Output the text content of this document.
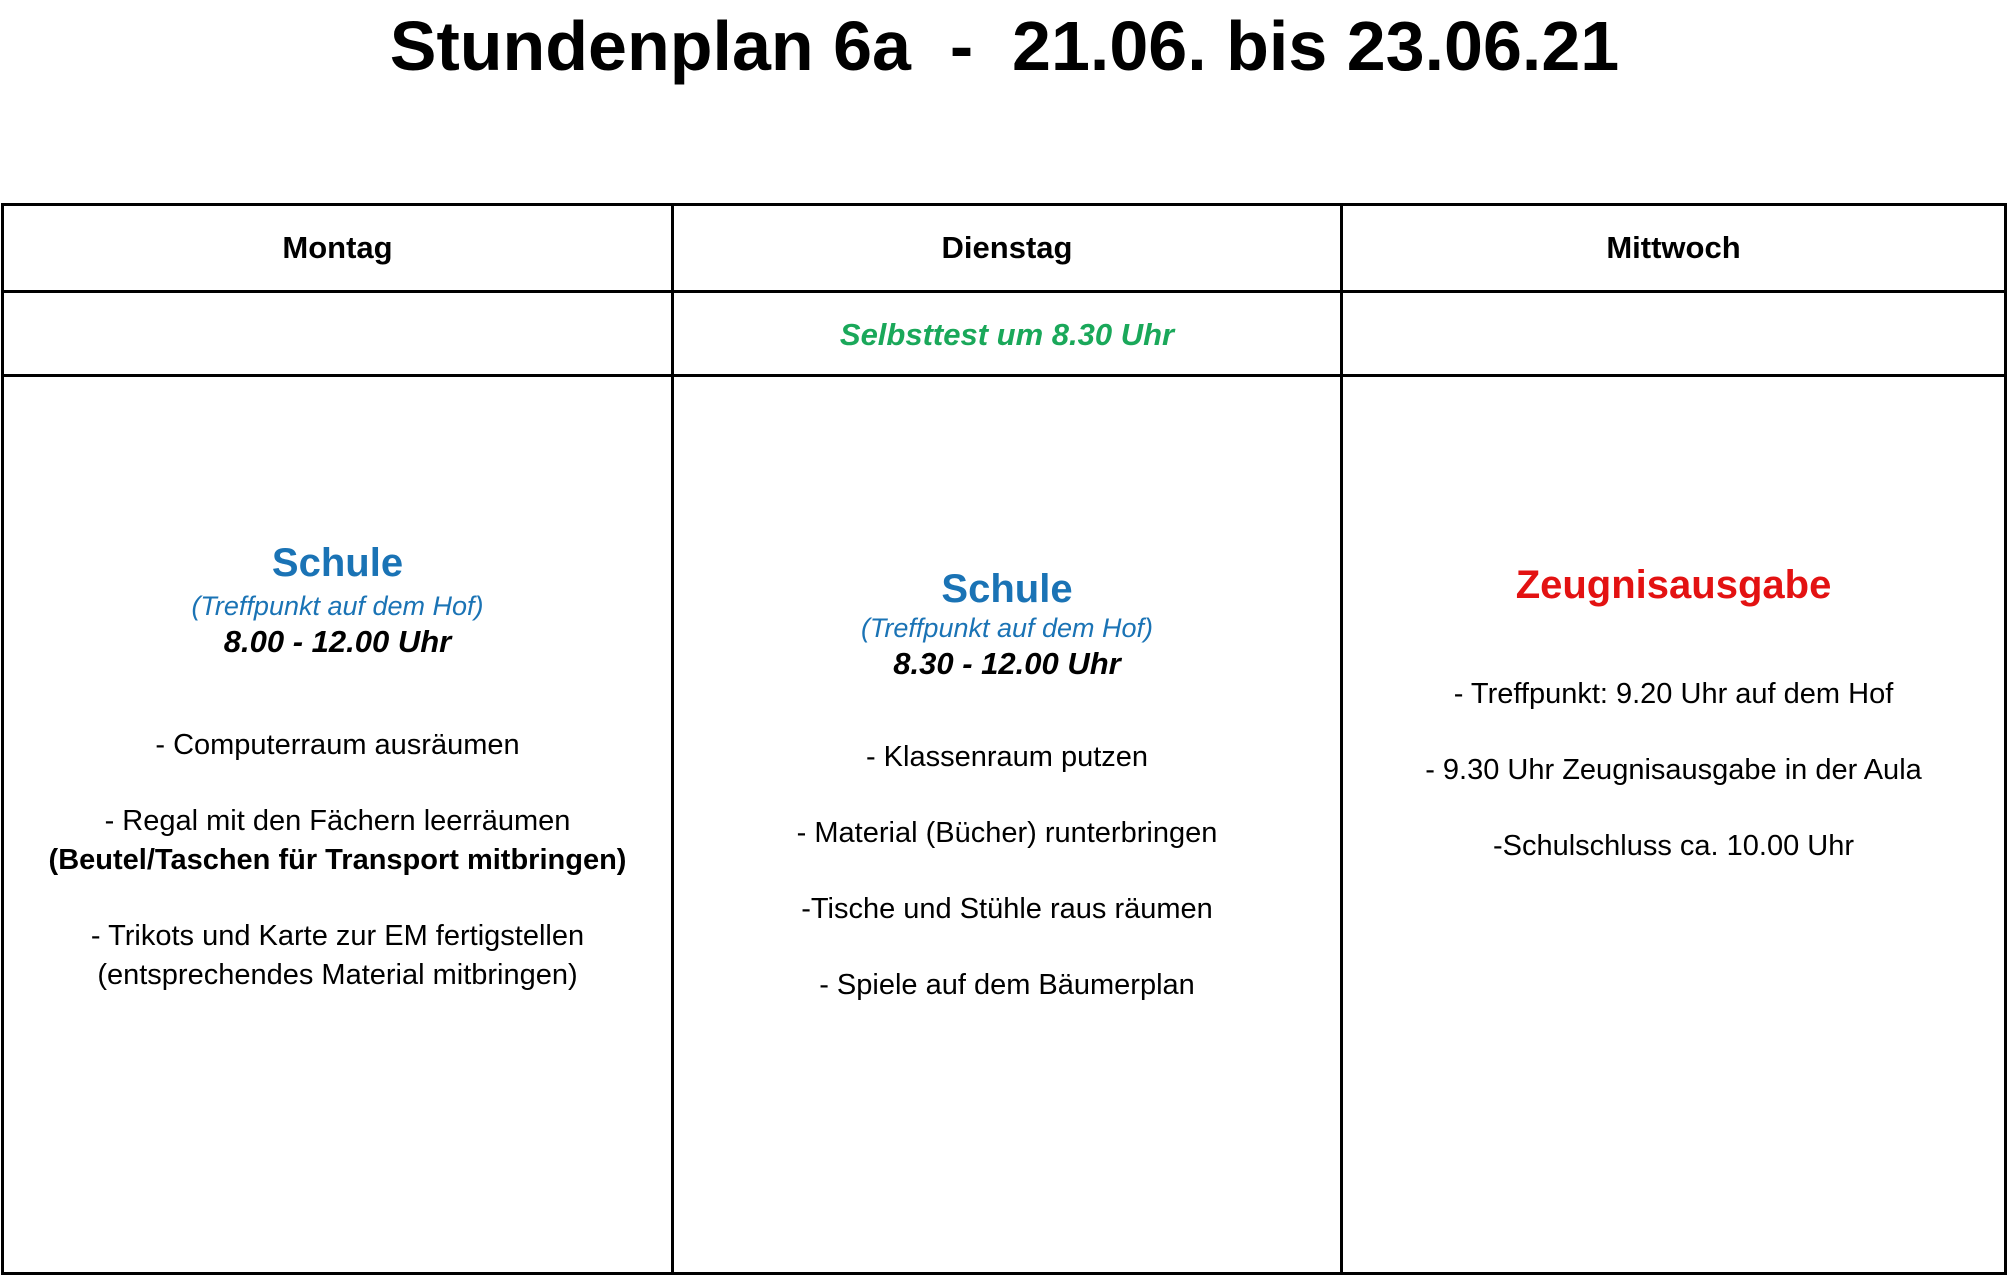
Stundenplan 6a  -  21.06. bis 23.06.21
Montag	Dienstag	Mittwoch
Selbsttest um 8.30 Uhr
Schule
(Treffpunkt auf dem Hof)
8.00 - 12.00 Uhr
- Computerraum ausräumen
- Regal mit den Fächern leerräumen
(Beutel/Taschen für Transport mitbringen)
- Trikots und Karte zur EM fertigstellen
(entsprechendes Material mitbringen)
Schule
(Treffpunkt auf dem Hof)
8.30 - 12.00 Uhr
- Klassenraum putzen
- Material (Bücher) runterbringen
-Tische und Stühle raus räumen
- Spiele auf dem Bäumerplan
Zeugnisausgabe
- Treffpunkt: 9.20 Uhr auf dem Hof
- 9.30 Uhr Zeugnisausgabe in der Aula
-Schulschluss ca. 10.00 Uhr
